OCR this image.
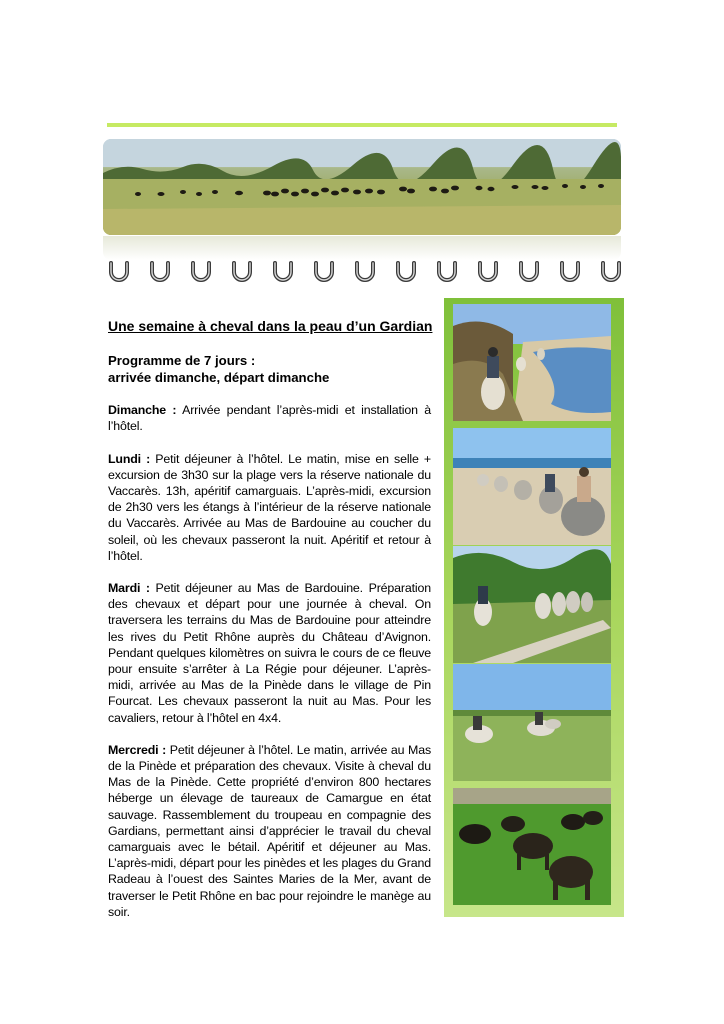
Une semaine à cheval dans la peau d’un Gardian
Programme de 7 jours :
arrivée dimanche, départ dimanche

Dimanche : Arrivée pendant l’après-midi et installation à l’hôtel.

Lundi : Petit déjeuner à l’hôtel. Le matin, mise en selle + excursion de 3h30 sur la plage vers la réserve nationale du Vaccarès. 13h, apéritif camarguais. L’après-midi, excursion de 2h30 vers les étangs à l’intérieur de la réserve nationale du Vaccarès. Arrivée au Mas de Bardouine au coucher du soleil, où les chevaux passeront la nuit. Apéritif et retour à l’hôtel.

Mardi : Petit déjeuner au Mas de Bardouine. Préparation des chevaux et départ pour une journée à cheval. On traversera les terrains du Mas de Bardouine pour atteindre les rives du Petit Rhône auprès du Château d’Avignon. Pendant quelques kilomètres on suivra le cours de ce fleuve pour ensuite s’arrêter à La Régie pour déjeuner. L’après-midi, arrivée au Mas de la Pinède dans le village de Pin Fourcat. Les chevaux passeront la nuit au Mas. Pour les cavaliers, retour à l’hôtel en 4x4.

Mercredi : Petit déjeuner à l’hôtel. Le matin, arrivée au Mas de la Pinède et préparation des chevaux. Visite à cheval du Mas de la Pinède. Cette propriété d’environ 800 hectares héberge un élevage de taureaux de Camargue en état sauvage. Rassemblement du troupeau en compagnie des Gardians, permettant ainsi d’apprécier le travail du cheval camarguais avec le bétail. Apéritif et déjeuner au Mas. L’après-midi, départ pour les pinèdes et les plages du Grand Radeau à l’ouest des Saintes Maries de la Mer, avant de traverser le Petit Rhône en bac pour rejoindre le manège au soir.
